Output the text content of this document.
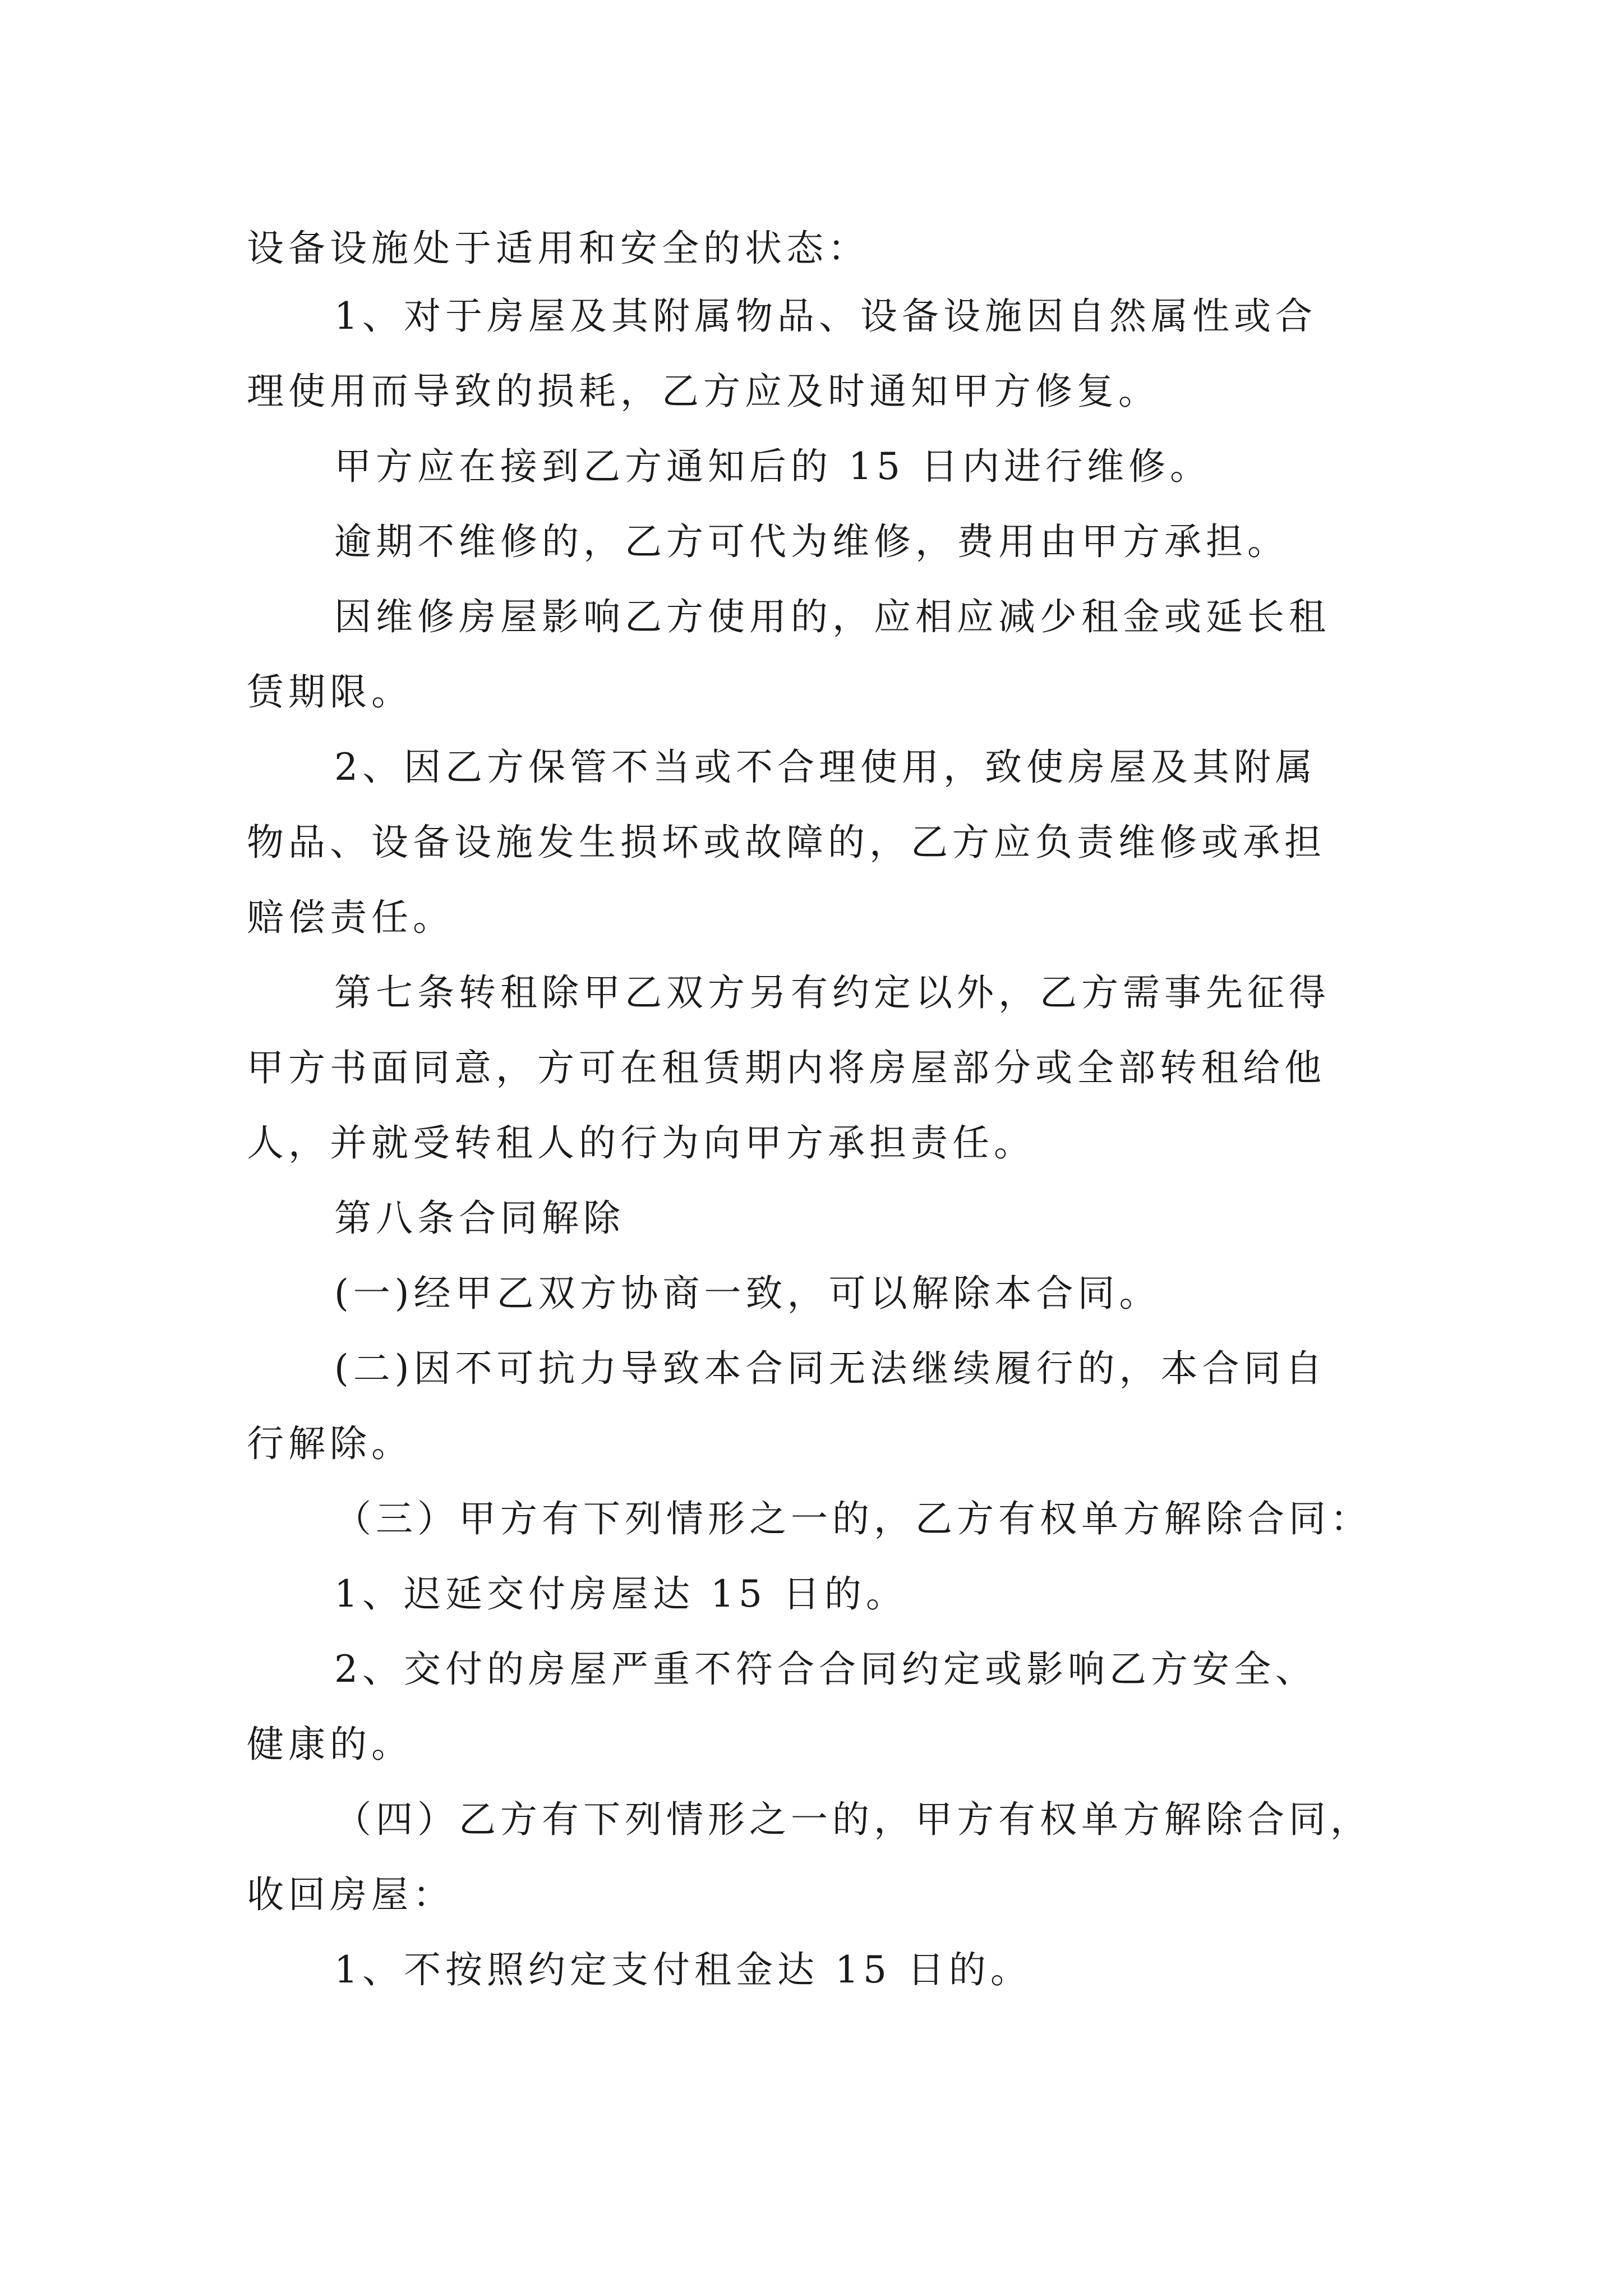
设备设施处于适用和安全的状态：
1、对于房屋及其附属物品、设备设施因自然属性或合
理使用而导致的损耗，乙方应及时通知甲方修复。
甲方应在接到乙方通知后的 15 日内进行维修。
逾期不维修的，乙方可代为维修，费用由甲方承担。
因维修房屋影响乙方使用的，应相应减少租金或延长租
赁期限。
2、因乙方保管不当或不合理使用，致使房屋及其附属
物品、设备设施发生损坏或故障的，乙方应负责维修或承担
赔偿责任。
第七条转租除甲乙双方另有约定以外，乙方需事先征得
甲方书面同意，方可在租赁期内将房屋部分或全部转租给他
人，并就受转租人的行为向甲方承担责任。
第八条合同解除
(一)经甲乙双方协商一致，可以解除本合同。
(二)因不可抗力导致本合同无法继续履行的，本合同自
行解除。
（三）甲方有下列情形之一的，乙方有权单方解除合同：
1、迟延交付房屋达 15 日的。
2、交付的房屋严重不符合合同约定或影响乙方安全、
健康的。
（四）乙方有下列情形之一的，甲方有权单方解除合同，
收回房屋：
1、不按照约定支付租金达 15 日的。
